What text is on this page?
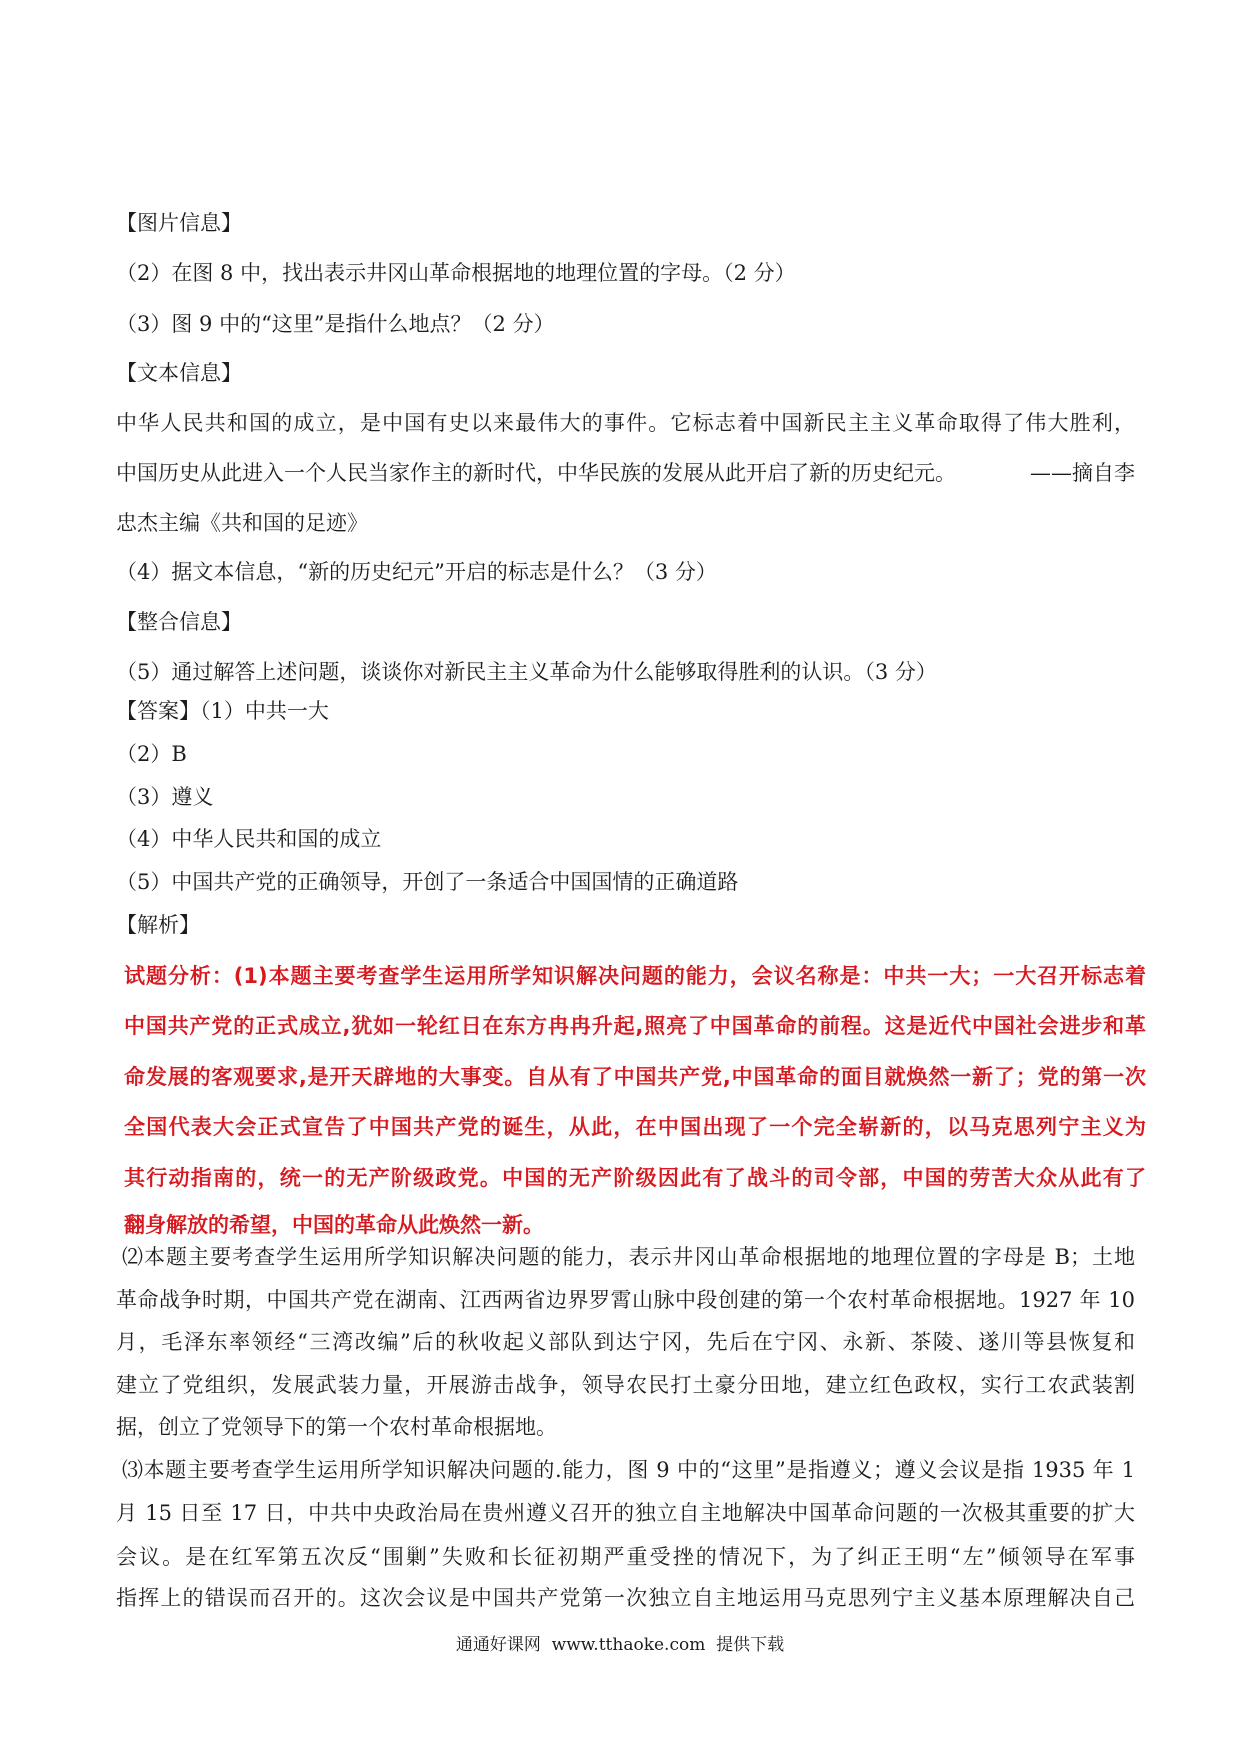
【图片信息】
（2）在图 8 中，找出表示井冈山革命根据地的地理位置的字母。（2 分）
（3）图 9 中的“这里”是指什么地点？（2 分）
【文本信息】
中华人民共和国的成立，是中国有史以来最伟大的事件。它标志着中国新民主主义革命取得了伟大胜利，
中国历史从此进入一个人民当家作主的新时代，中华民族的发展从此开启了新的历史纪元。	——摘自李
忠杰主编《共和国的足迹》
（4）据文本信息，“新的历史纪元”开启的标志是什么？（3 分）
【整合信息】
（5）通过解答上述问题，谈谈你对新民主主义革命为什么能够取得胜利的认识。（3 分）
【答案】（1）中共一大
（2）B
（3）遵义
（4）中华人民共和国的成立
（5）中国共产党的正确领导，开创了一条适合中国国情的正确道路
【解析】
试题分析：(1)本题主要考查学生运用所学知识解决问题的能力，会议名称是：中共一大；一大召开标志着
中国共产党的正式成立,犹如一轮红日在东方冉冉升起,照亮了中国革命的前程。这是近代中国社会进步和革
命发展的客观要求,是开天辟地的大事变。自从有了中国共产党,中国革命的面目就焕然一新了；党的第一次
全国代表大会正式宣告了中国共产党的诞生，从此，在中国出现了一个完全崭新的，以马克思列宁主义为
其行动指南的，统一的无产阶级政党。中国的无产阶级因此有了战斗的司令部，中国的劳苦大众从此有了
翻身解放的希望，中国的革命从此焕然一新。
⑵本题主要考查学生运用所学知识解决问题的能力，表示井冈山革命根据地的地理位置的字母是 B；土地
革命战争时期，中国共产党在湖南、江西两省边界罗霄山脉中段创建的第一个农村革命根据地。1927 年 10
月，毛泽东率领经“三湾改编”后的秋收起义部队到达宁冈，先后在宁冈、永新、茶陵、遂川等县恢复和
建立了党组织，发展武装力量，开展游击战争，领导农民打土豪分田地，建立红色政权，实行工农武装割
据，创立了党领导下的第一个农村革命根据地。
⑶本题主要考查学生运用所学知识解决问题的.能力，图 9 中的“这里”是指遵义；遵义会议是指 1935 年 1
月 15 日至 17 日，中共中央政治局在贵州遵义召开的独立自主地解决中国革命问题的一次极其重要的扩大
会议。是在红军第五次反“围剿”失败和长征初期严重受挫的情况下，为了纠正王明“左”倾领导在军事
指挥上的错误而召开的。这次会议是中国共产党第一次独立自主地运用马克思列宁主义基本原理解决自己
通通好课网  www.tthaoke.com  提供下载
